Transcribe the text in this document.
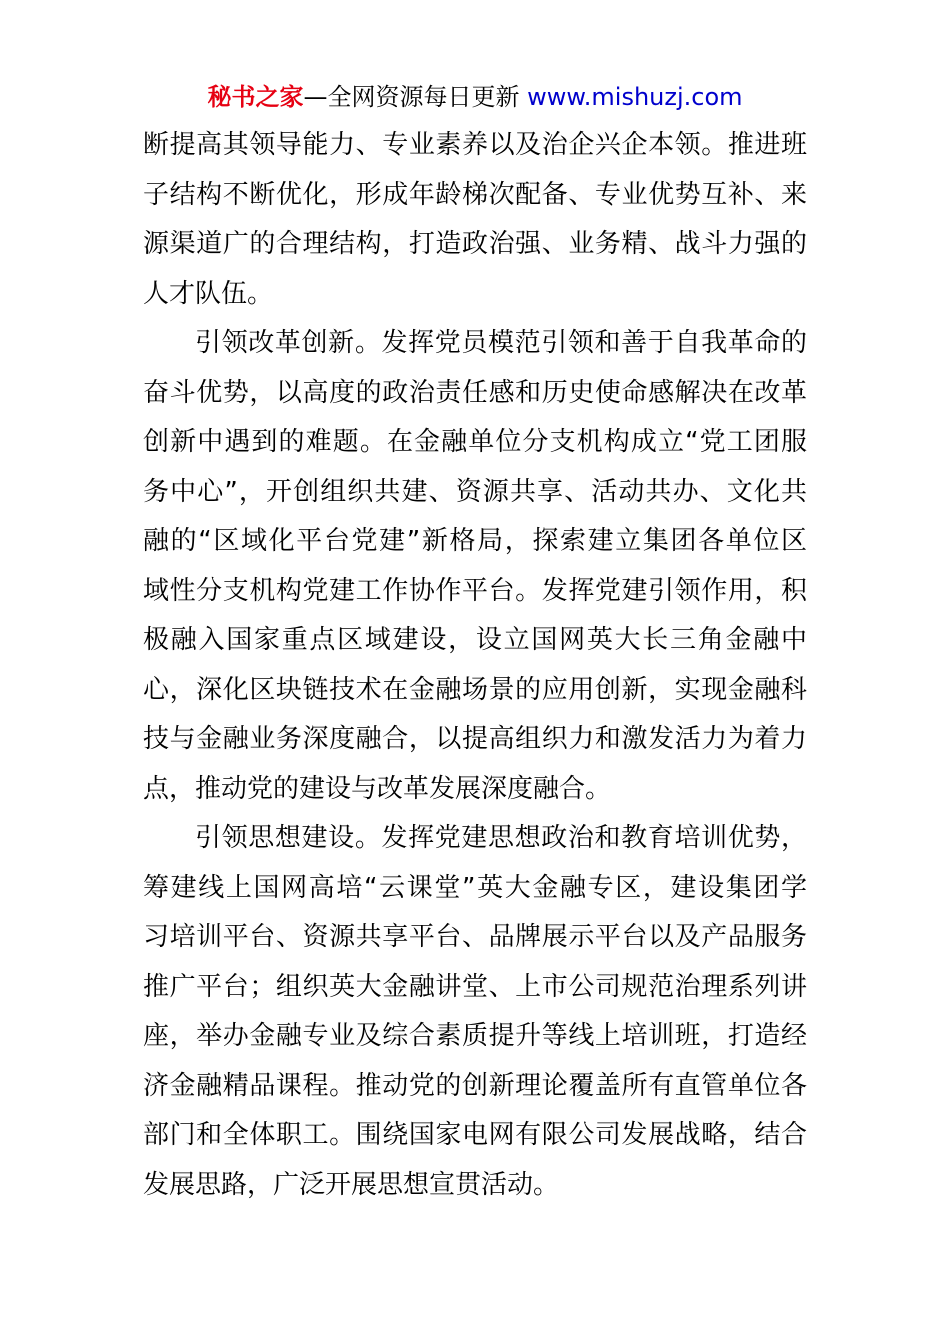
秘书之家—全网资源每日更新 www.mishuzj.com
断提高其领导能力、专业素养以及治企兴企本领。推进班
子结构不断优化，形成年龄梯次配备、专业优势互补、来
源渠道广的合理结构，打造政治强、业务精、战斗力强的
人才队伍。
引领改革创新。发挥党员模范引领和善于自我革命的
奋斗优势，以高度的政治责任感和历史使命感解决在改革
创新中遇到的难题。在金融单位分支机构成立“党工团服
务中心”，开创组织共建、资源共享、活动共办、文化共
融的“区域化平台党建”新格局，探索建立集团各单位区
域性分支机构党建工作协作平台。发挥党建引领作用，积
极融入国家重点区域建设，设立国网英大长三角金融中
心，深化区块链技术在金融场景的应用创新，实现金融科
技与金融业务深度融合，以提高组织力和激发活力为着力
点，推动党的建设与改革发展深度融合。
引领思想建设。发挥党建思想政治和教育培训优势，
筹建线上国网高培“云课堂”英大金融专区，建设集团学
习培训平台、资源共享平台、品牌展示平台以及产品服务
推广平台；组织英大金融讲堂、上市公司规范治理系列讲
座，举办金融专业及综合素质提升等线上培训班，打造经
济金融精品课程。推动党的创新理论覆盖所有直管单位各
部门和全体职工。围绕国家电网有限公司发展战略，结合
发展思路，广泛开展思想宣贯活动。
